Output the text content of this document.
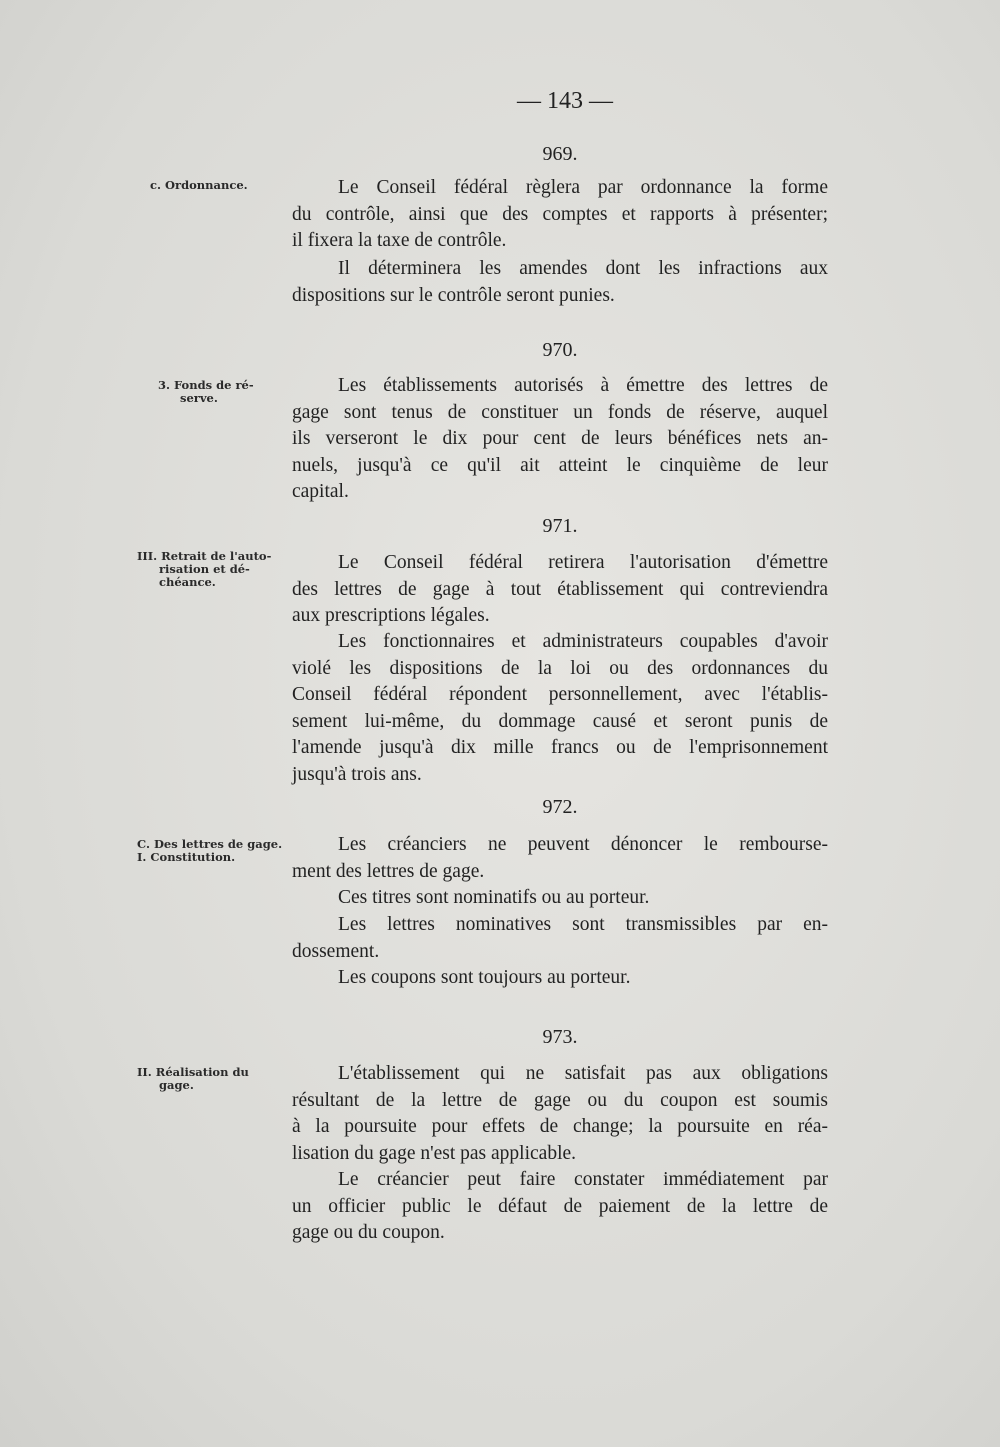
— 143 —
969.
c. Ordonnance.	Le Conseil fédéral règlera par ordonnance la forme
du contrôle, ainsi que des comptes et rapports à présenter;
il fixera la taxe de contrôle.
Il déterminera les amendes dont les infractions aux
dispositions sur le contrôle seront punies.
970.
3. Fonds de ré-
serve.
Les établissements autorisés à émettre des lettres de
gage sont tenus de constituer un fonds de réserve, auquel
ils verseront le dix pour cent de leurs bénéfices nets an-
nuels, jusqu'à ce qu'il ait atteint le cinquième de leur
capital.
971.
III. Retrait de l'auto-
risation et dé-
chéance.
Le Conseil fédéral retirera l'autorisation d'émettre
des lettres de gage à tout établissement qui contreviendra
aux prescriptions légales.
Les fonctionnaires et administrateurs coupables d'avoir
violé les dispositions de la loi ou des ordonnances du
Conseil fédéral répondent personnellement, avec l'établis-
sement lui-même, du dommage causé et seront punis de
l'amende jusqu'à dix mille francs ou de l'emprisonnement
jusqu'à trois ans.
972.
C. Des lettres de gage.
I. Constitution.
Les créanciers ne peuvent dénoncer le rembourse-
ment des lettres de gage.
Ces titres sont nominatifs ou au porteur.
Les lettres nominatives sont transmissibles par en-
dossement.
Les coupons sont toujours au porteur.
973.
II. Réalisation du
gage.
L'établissement qui ne satisfait pas aux obligations
résultant de la lettre de gage ou du coupon est soumis
à la poursuite pour effets de change; la poursuite en réa-
lisation du gage n'est pas applicable.
Le créancier peut faire constater immédiatement par
un officier public le défaut de paiement de la lettre de
gage ou du coupon.
